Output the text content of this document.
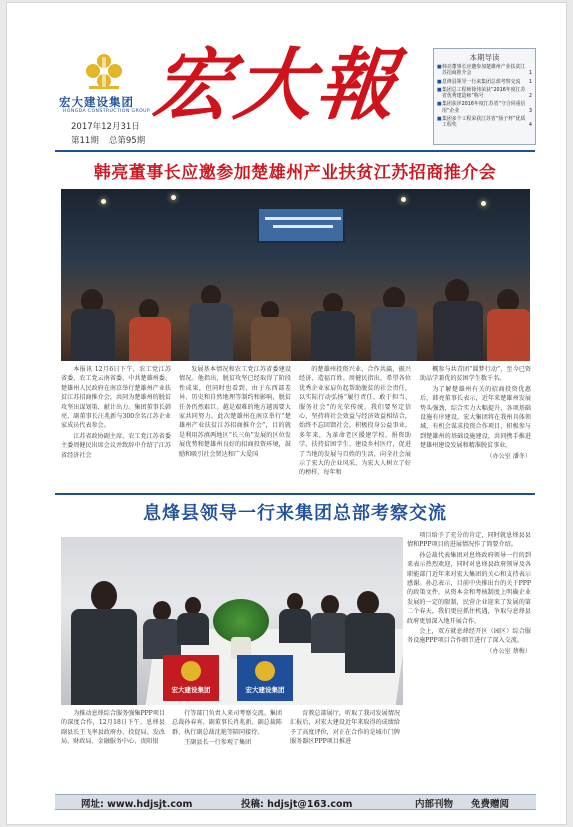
宏大建设集团
HONGDA CONSTRUCTION GROUP
宏大報
2017年12月31日
第11期 总第95期
本期导读
■ 韩亮董事长应邀参加楚雄州产业扶贫江苏招商推介会	1
■ 息烽县领导一行来集团总部考察交流	1
■ 集团总工程师徐伟荣获“2016年度江苏省优秀建造师”称号	2
■ 集团获评2016年度江苏省“守合同重信用”企业	3
■ 集团多个工程荣获江苏省“扬子杯”优质工程奖	4
韩亮董事长应邀参加楚雄州产业扶贫江苏招商推介会

本报讯 12月6日下午，农工党江苏省委、农工党云南省委、中共楚雄州委、楚雄州人民政府在南京举行楚雄州产业扶贫江苏招商推介会，共同为楚雄州的脱贫攻坚出谋划策、献计出力。集团董事长韩亮、副董事长汪兆新与300余名江苏企业家成员代表参会。

江苏省政协副主席、农工党江苏省委主委周健民出席会议并致辞中介绍了江苏省经济社会

发展基本情况和农工党江苏省委建设情况。他指出，脱贫攻坚已经取得了阶段性成果，但同时也看到，由于东西部差异、历史和自然地理等制约和影响，脱贫任务仍然艰巨。越是艰难的地方越需要大家共同努力。此次楚雄州在南京举行“楚雄州产业扶贫江苏招商推介会”，目的就是利用苏滇两地区“长三角”发展的区位发展优势和楚雄州良好的招商投资环境，鼓励和吸引社会贤达和广大爱国

的楚雄州投资兴业、合作共赢，振兴经济、造福百姓。周健民指出，希望各位优秀企业家肩负起帮助脱贫的社会责任，以实际行动弘扬“履行责任、敢于担当、服务社会”的光荣传统。我们要坚定信心，坚持将社会效益与经济效益相结合，始终不忘回馈社会，积极投身公益事业。多年来，为革命老区援建学校、捐资助学、扶持贫困学生、建设乡村医疗，促进了当地的发展与百姓的生活，向全社会展示了宏大的企业风采，为宏大人树立了好的榜样，每年和

概参与共青团“圆梦行动”，至今已资助品学兼优的贫困学生数千名。

为了解楚雄州有关的招商投资优惠后，韩亮董事长表示，近年来楚雄州发展势头强劲，综合实力大幅提升，各项基础设施有序建设，宏大集团将在我州具体领域，有机会谋求投资合作项目，积极参与到楚雄州的基础设施建设，共同携手推进楚雄州建设发展和精准脱贫事业。

（办公室 潘冬）

息烽县领导一行来集团总部考察交流
宏大建设集团	宏大建设集团

项目给予了充分的肯定，同时就息烽县县情和PPP项目的进展情况作了简要介绍。

孙总裁代表集团对息烽政府领导一行的到来表示热烈欢迎，同时对息烽县政府领导及各职能部门近年来对宏大集团的关心和支持表示感谢。孙总表示，目前中央推出台的关于PPP的政策文件，从资本金和考核制度上明确企业发展的一定的限制，民营企业迎来了发展的第二个春天，我们更应抓住机遇，争取与息烽县政府更加深入地开展合作。

会上，双方就息烽经开区（园区）综合服务设施PPP项目合作细节进行了深入交流。

（办公室 蔡梅）

为推动息烽综合服务强集PPP项目的深度合作，12月18日下午，息烽县副县长王飞率县政府办、投促局、发改局、财政局、金融服务中心、贵阳银

行等部门负责人来司考察交流。集团总裁孙春宵、副董事长肖兆新、副总裁陈群、执行副总裁沈艳等陪同接待。

王副县长一行参观了集团

育教总部展厅，听取了我司发展情况汇报后，对宏大建设近年来取得的成绩给予了高度评价，对正在合作的是城市门牌服务器区PPP项目推进

网址: www.hdjsjt.com	投稿: hdjsjt@163.com	内部刊物 免费赠阅
